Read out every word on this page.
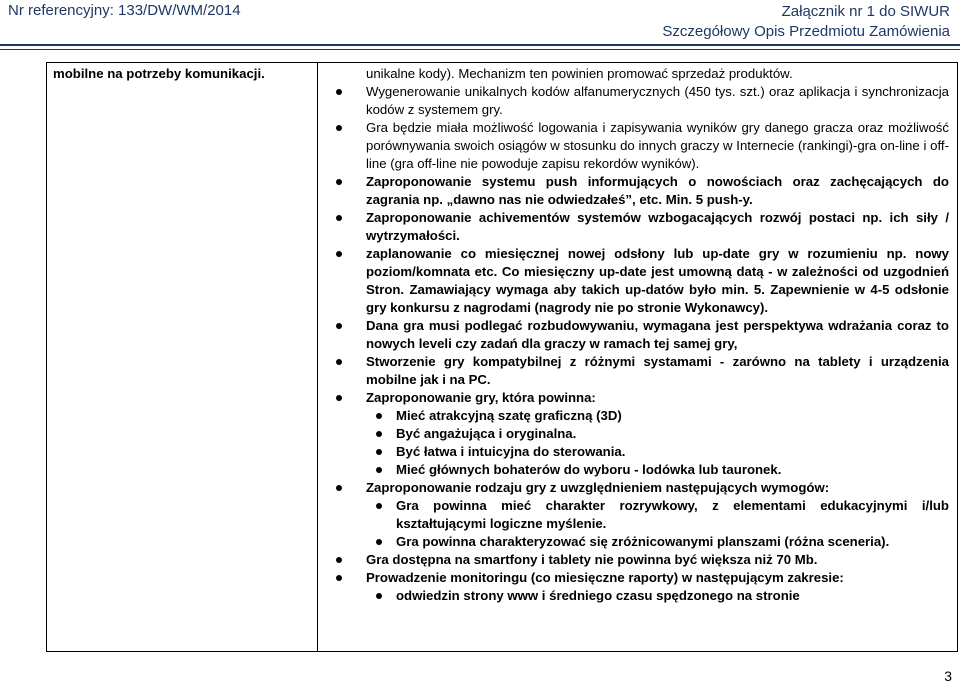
Nr referencyjny: 133/DW/WM/2014	Załącznik nr 1 do SIWUR
Szczegółowy Opis Przedmiotu Zamówienia
mobilne na potrzeby komunikacji.	unikalne kody). Mechanizm ten powinien promować sprzedaż produktów.

Wygenerowanie unikalnych kodów alfanumerycznych (450 tys. szt.) oraz aplikacja i synchronizacja kodów z systemem gry.
Gra będzie miała możliwość logowania i zapisywania wyników gry danego gracza oraz możliwość porównywania swoich osiągów w stosunku do innych graczy w Internecie (rankingi)-gra on-line i off-line (gra off-line nie powoduje zapisu rekordów wyników).
Zaproponowanie systemu push informujących o nowościach oraz zachęcających do zagrania np. „dawno nas nie odwiedzałeś”, etc. Min. 5 push-y.
Zaproponowanie achivementów systemów wzbogacających rozwój postaci np. ich siły / wytrzymałości.
zaplanowanie co miesięcznej nowej odsłony lub up-date gry w rozumieniu np. nowy poziom/komnata etc. Co miesięczny up-date jest umowną datą - w zależności od uzgodnień Stron. Zamawiający wymaga aby takich up-datów było min. 5. Zapewnienie w 4-5 odsłonie gry konkursu z nagrodami (nagrody nie po stronie Wykonawcy).
Dana gra musi podlegać rozbudowywaniu, wymagana jest perspektywa wdrażania coraz to nowych leveli czy zadań dla graczy w ramach tej samej gry,
Stworzenie gry kompatybilnej z różnymi systamami - zarówno na tablety i urządzenia mobilne jak i na PC.
Zaproponowanie gry, która powinna:
Mieć atrakcyjną szatę graficzną (3D)
Być angażująca i oryginalna.
Być łatwa i intuicyjna do sterowania.
Mieć głównych bohaterów do wyboru - lodówka lub tauronek.
Zaproponowanie rodzaju gry z uwzględnieniem następujących wymogów:
Gra powinna mieć charakter rozrywkowy, z elementami edukacyjnymi i/lub kształtującymi logiczne myślenie.
Gra powinna charakteryzować się zróżnicowanymi planszami (różna sceneria).
Gra dostępna na smartfony i tablety nie powinna być większa niż 70 Mb.
Prowadzenie monitoringu (co miesięczne raporty) w następującym zakresie:
odwiedzin strony www i średniego czasu spędzonego na stronie
3
